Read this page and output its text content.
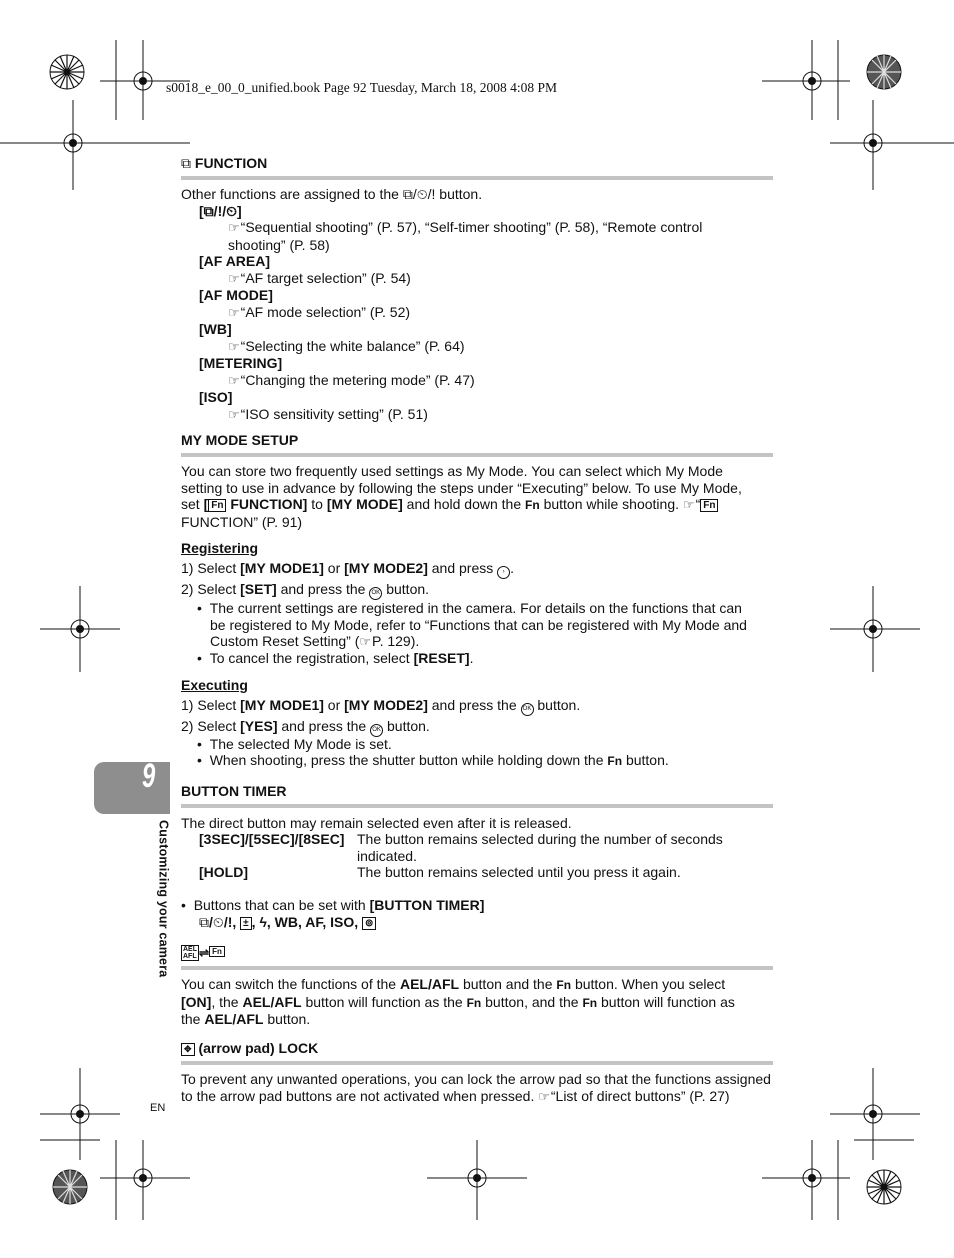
s0018_e_00_0_unified.book Page 92 Tuesday, March 18, 2008 4:08 PM
⧉ FUNCTION
Other functions are assigned to the ⧉/⏲/ǃ button.
[⧉/ǃ/⏲]
☞“Sequential shooting” (P. 57), “Self-timer shooting” (P. 58), “Remote control
shooting” (P. 58)
[AF AREA]
☞“AF target selection” (P. 54)
[AF MODE]
☞“AF mode selection” (P. 52)
[WB]
☞“Selecting the white balance” (P. 64)
[METERING]
☞“Changing the metering mode” (P. 47)
[ISO]
☞“ISO sensitivity setting” (P. 51)
MY MODE SETUP
You can store two frequently used settings as My Mode. You can select which My Mode
setting to use in advance by following the steps under “Executing” below. To use My Mode,
set [ Fn FUNCTION] to [MY MODE] and hold down the Fn button while shooting. ☞“ Fn
FUNCTION” (P. 91)
Registering
1) Select [MY MODE1] or [MY MODE2] and press › .
2) Select [SET] and press the OK button.
•  The current settings are registered in the camera. For details on the functions that can
be registered to My Mode, refer to “Functions that can be registered with My Mode and
Custom Reset Setting” (☞P. 129).
•  To cancel the registration, select [RESET].
Executing
1) Select [MY MODE1] or [MY MODE2] and press the OK button.
2) Select [YES] and press the OK button.
•  The selected My Mode is set.
•  When shooting, press the shutter button while holding down the Fn button.
9
Customizing your camera
BUTTON TIMER
The direct button may remain selected even after it is released.
[3SEC]/[5SEC]/[8SEC]	The button remains selected during the number of seconds
indicated.
[HOLD]	The button remains selected until you press it again.
•  Buttons that can be set with [BUTTON TIMER]
⧉/⏲/ǃ, ± , ϟ, WB, AF, ISO, ⊚
AEL
AFL ⇌ Fn
You can switch the functions of the AEL/AFL button and the Fn button. When you select
[ON], the AEL/AFL button will function as the Fn button, and the Fn button will function as
the AEL/AFL button.
✥ (arrow pad) LOCK
To prevent any unwanted operations, you can lock the arrow pad so that the functions assigned
to the arrow pad buttons are not activated when pressed. ☞“List of direct buttons” (P. 27)
EN
